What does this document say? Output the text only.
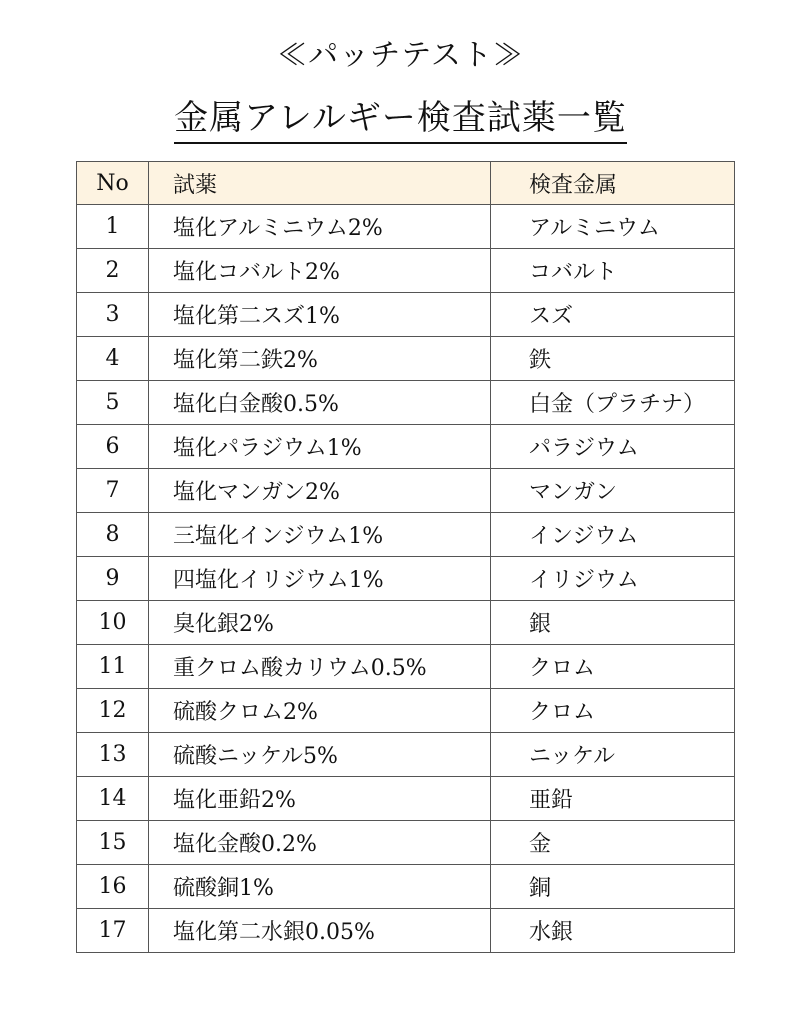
≪パッチテスト≫
金属アレルギー検査試薬一覧
No	試薬	検査金属
1	塩化アルミニウム2%	アルミニウム
2	塩化コバルト2%	コバルト
3	塩化第二スズ1%	スズ
4	塩化第二鉄2%	鉄
5	塩化白金酸0.5%	白金（プラチナ）
6	塩化パラジウム1%	パラジウム
7	塩化マンガン2%	マンガン
8	三塩化インジウム1%	インジウム
9	四塩化イリジウム1%	イリジウム
10	臭化銀2%	銀
11	重クロム酸カリウム0.5%	クロム
12	硫酸クロム2%	クロム
13	硫酸ニッケル5%	ニッケル
14	塩化亜鉛2%	亜鉛
15	塩化金酸0.2%	金
16	硫酸銅1%	銅
17	塩化第二水銀0.05%	水銀
